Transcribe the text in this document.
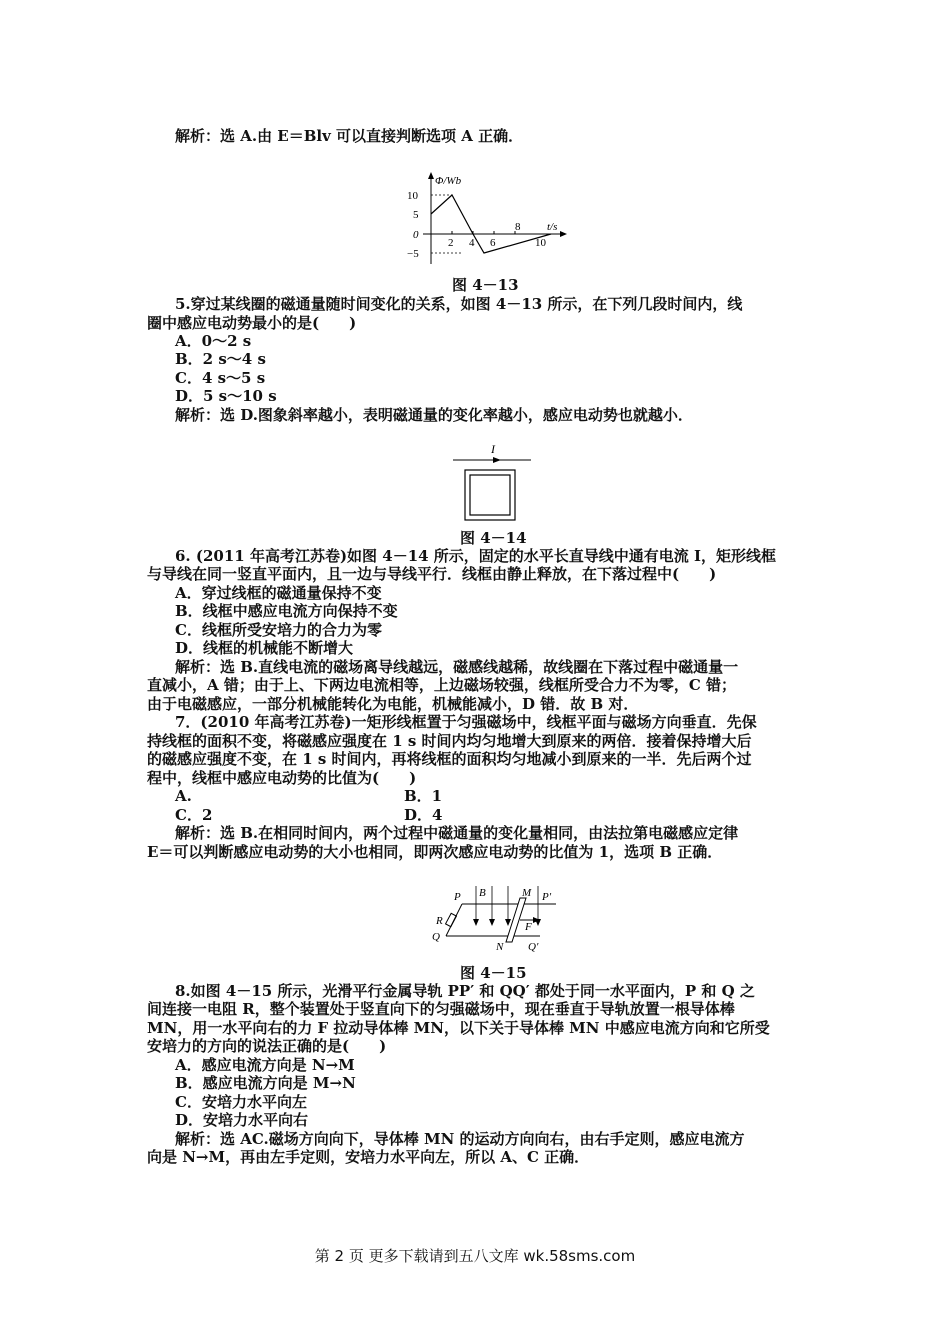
解析：选 A.由 E＝Blv 可以直接判断选项 A 正确．
Φ/Wb
t/s
10
5
0
−5
2 4 6
8
10
图 4－13
5.穿过某线圈的磁通量随时间变化的关系，如图 4－13 所示，在下列几段时间内，线
圈中感应电动势最小的是(　　)
A．0～2 s
B．2 s～4 s
C．4 s～5 s
D．5 s～10 s
解析：选 D.图象斜率越小，表明磁通量的变化率越小，感应电动势也就越小．
I
图 4－14
6. (2011 年高考江苏卷)如图 4－14 所示，固定的水平长直导线中通有电流 I，矩形线框
与导线在同一竖直平面内，且一边与导线平行．线框由静止释放，在下落过程中(　　)
A．穿过线框的磁通量保持不变
B．线框中感应电流方向保持不变
C．线框所受安培力的合力为零
D．线框的机械能不断增大
解析：选 B.直线电流的磁场离导线越远，磁感线越稀，故线圈在下落过程中磁通量一
直减小，A 错；由于上、下两边电流相等，上边磁场较强，线框所受合力不为零，C 错；
由于电磁感应，一部分机械能转化为电能，机械能减小，D 错．故 B 对．
7．(2010 年高考江苏卷)一矩形线框置于匀强磁场中，线框平面与磁场方向垂直．先保
持线框的面积不变，将磁感应强度在 1 s 时间内均匀地增大到原来的两倍．接着保持增大后
的磁感应强度不变，在 1 s 时间内，再将线框的面积均匀地减小到原来的一半．先后两个过
程中，线框中感应电动势的比值为(　　)
A.	B．1
C．2	D．4
解析：选 B.在相同时间内，两个过程中磁通量的变化量相同，由法拉第电磁感应定律
E＝可以判断感应电动势的大小也相同，即两次感应电动势的比值为 1，选项 B 正确．
P B	M P′
R	F
Q
N Q′
图 4－15
8.如图 4－15 所示，光滑平行金属导轨 PP′ 和 QQ′ 都处于同一水平面内，P 和 Q 之
间连接一电阻 R，整个装置处于竖直向下的匀强磁场中，现在垂直于导轨放置一根导体棒
MN，用一水平向右的力 F 拉动导体棒 MN，以下关于导体棒 MN 中感应电流方向和它所受
安培力的方向的说法正确的是(　　)
A．感应电流方向是 N→M
B．感应电流方向是 M→N
C．安培力水平向左
D．安培力水平向右
解析：选 AC.磁场方向向下，导体棒 MN 的运动方向向右，由右手定则，感应电流方
向是 N→M，再由左手定则，安培力水平向左，所以 A、C 正确．
第 2 页 更多下载请到五八文库 wk.58sms.com
